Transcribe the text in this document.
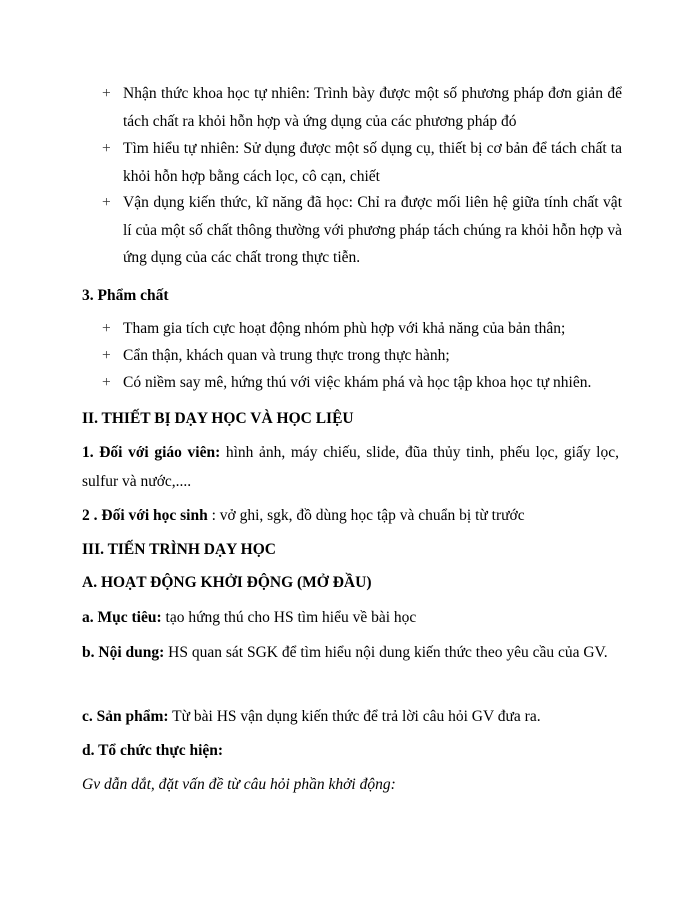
+ Nhận thức khoa học tự nhiên: Trình bày được một số phương pháp đơn giản để tách chất ra khỏi hỗn hợp và ứng dụng của các phương pháp đó
+ Tìm hiểu tự nhiên: Sử dụng được một số dụng cụ, thiết bị cơ bản để tách chất ta khỏi hỗn hợp bằng cách lọc, cô cạn, chiết
+ Vận dụng kiến thức, kĩ năng đã học: Chỉ ra được mối liên hệ giữa tính chất vật lí của một số chất thông thường với phương pháp tách chúng ra khỏi hỗn hợp và ứng dụng của các chất trong thực tiễn.
3. Phẩm chất
+ Tham gia tích cực hoạt động nhóm phù hợp với khả năng của bản thân;
+ Cẩn thận, khách quan và trung thực trong thực hành;
+ Có niềm say mê, hứng thú với việc khám phá và học tập khoa học tự nhiên.
II. THIẾT BỊ DẠY HỌC VÀ HỌC LIỆU
1. Đối với giáo viên: hình ảnh, máy chiếu, slide, đũa thủy tinh, phếu lọc, giấy lọc, sulfur và nước,....
2 . Đối với học sinh : vở ghi, sgk, đồ dùng học tập và chuẩn bị từ trước
III. TIẾN TRÌNH DẠY HỌC
A. HOẠT ĐỘNG KHỞI ĐỘNG (MỞ ĐẦU)
a. Mục tiêu: tạo hứng thú cho HS tìm hiểu về bài học
b. Nội dung: HS quan sát SGK để tìm hiểu nội dung kiến thức theo yêu cầu của GV.
c. Sản phẩm: Từ bài HS vận dụng kiến thức để trả lời câu hỏi GV đưa ra.
d. Tổ chức thực hiện:
Gv dẫn dắt, đặt vấn đề từ câu hỏi phần khởi động:
